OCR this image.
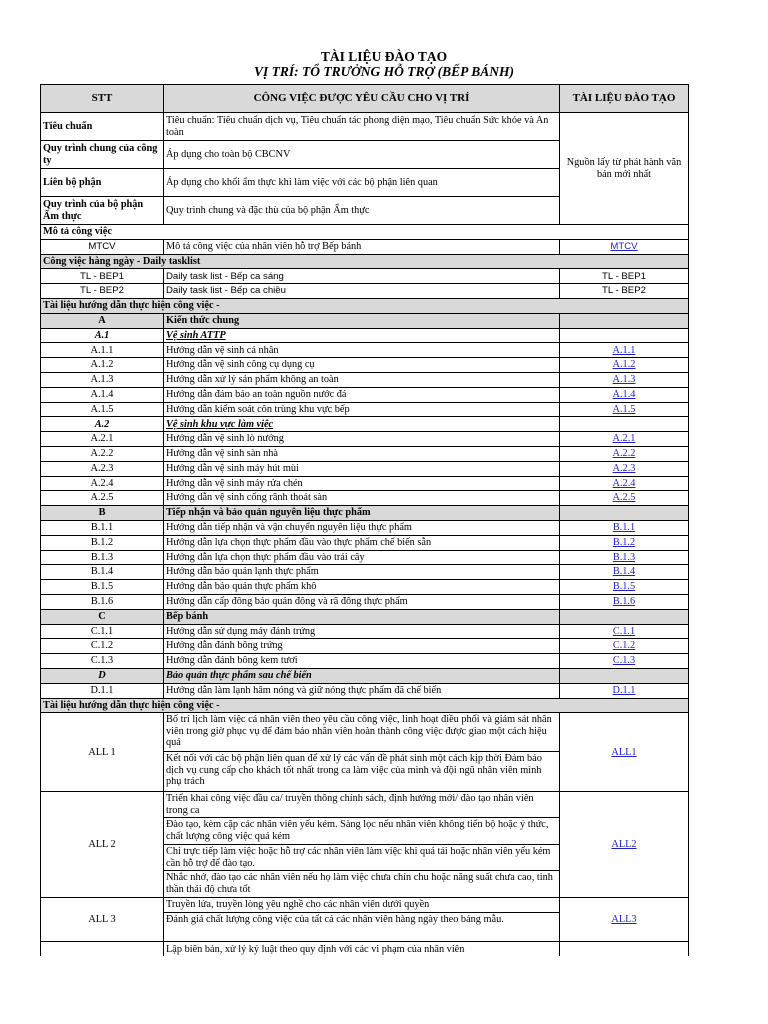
TÀI LIỆU ĐÀO TẠO
VỊ TRÍ: TỔ TRƯỞNG HỖ TRỢ (BẾP BÁNH)
STT	CÔNG VIỆC ĐƯỢC YÊU CẦU CHO VỊ TRÍ	TÀI LIỆU ĐÀO TẠO
Tiêu chuẩn	Tiêu chuẩn: Tiêu chuẩn dịch vụ, Tiêu chuẩn tác phong diện mạo, Tiêu chuẩn Sức khỏe và An toàn	Nguồn lấy từ phát hành văn bản mới nhất
Quy trình chung của công ty	Áp dụng cho toàn bộ CBCNV	
Liên bộ phận	Áp dụng cho khối ẩm thực khi làm việc với các bộ phận liên quan	
Quy trình của bộ phận Ẩm thực	Quy trình chung và đặc thù của bộ phận Ẩm thực	
Mô tả công việc		
MTCV	Mô tả công việc của nhân viên hỗ trợ Bếp bánh	MTCV
Công việc hàng ngày - Daily tasklist		
TL - BEP1	Daily task list - Bếp ca sáng	TL - BEP1
TL - BEP2	Daily task list - Bếp ca chiều	TL - BEP2
Tài liệu hướng dẫn thực hiện công việc -		
A	Kiến thức chung	
A.1	Vệ sinh ATTP	
A.1.1	Hướng dẫn vệ sinh cá nhân	A.1.1
A.1.2	Hướng dẫn vệ sinh công cụ dụng cụ	A.1.2
A.1.3	Hướng dẫn xử lý sản phẩm không an toàn	A.1.3
A.1.4	Hướng dẫn đảm bảo an toàn nguồn nước đá	A.1.4
A.1.5	Hướng dẫn kiểm soát côn trùng khu vực bếp	A.1.5
A.2	Vệ sinh khu vực làm việc	
A.2.1	Hướng dẫn vệ sinh lò nướng	A.2.1
A.2.2	Hướng dẫn vệ sinh sàn nhà	A.2.2
A.2.3	Hướng dẫn vệ sinh máy hút mùi	A.2.3
A.2.4	Hướng dẫn vệ sinh máy rửa chén	A.2.4
A.2.5	Hướng dẫn vệ sinh cống rãnh thoát sàn	A.2.5
B	Tiếp nhận và bảo quản nguyên liệu thực phẩm	
B.1.1	Hướng dẫn tiếp nhận và vận chuyển nguyên liệu thực phẩm	B.1.1
B.1.2	Hướng dẫn lựa chọn thực phẩm đầu vào thực phẩm chế biến sẵn	B.1.2
B.1.3	Hướng dẫn lựa chọn thực phẩm đầu vào trái cây	B.1.3
B.1.4	Hướng dẫn bảo quản lạnh thực phẩm	B.1.4
B.1.5	Hướng dẫn bảo quản thực phẩm khô	B.1.5
B.1.6	Hướng dẫn cấp đông bảo quản đông và rã đông thực phẩm	B.1.6
C	Bếp bánh	
C.1.1	Hướng dẫn sử dụng máy đánh trứng	C.1.1
C.1.2	Hướng dẫn đánh bông trứng	C.1.2
C.1.3	Hướng dẫn đánh bông kem tươi	C.1.3
D	Bảo quản thực phẩm sau chế biến	
D.1.1	Hướng dẫn làm lạnh hâm nóng và giữ nóng thực phẩm đã chế biến	D.1.1
Tài liệu hướng dẫn thực hiện công việc -		
ALL 1	Bố trí lịch làm việc cá nhân viên theo yêu cầu công việc, linh hoạt điều phối và giám sát nhân viên trong giờ phục vụ để đảm bảo nhân viên hoàn thành công việc được giao một cách hiệu quả
Kết nối với các bộ phận liên quan để xử lý các vấn đề phát sinh một cách kịp thời Đảm bảo dịch vụ cung cấp cho khách tốt nhất trong ca làm việc của mình và đội ngũ nhân viên mình phụ trách	ALL1
ALL 2	Triển khai công việc đầu ca/ truyền thông chính sách, định hướng mới/ đào tạo nhân viên trong ca
Đào tạo, kèm cặp các nhân viên yếu kém. Sàng lọc nếu nhân viên không tiến bộ hoặc ý thức, chất lượng công việc quá kém
Chỉ trực tiếp làm việc hoặc hỗ trợ các nhân viên làm việc khi quá tải hoặc nhân viên yếu kém cần hỗ trợ để đào tạo.
Nhắc nhở, đào tạo các nhân viên nếu họ làm việc chưa chỉn chu hoặc năng suất chưa cao, tinh thần thái độ chưa tốt	ALL2
ALL 3	Truyền lửa, truyền lòng yêu nghề cho các nhân viên dưới quyền
Đánh giá chất lượng công việc của tất cả các nhân viên hàng ngày theo bảng mẫu.	ALL3
	Lập biên bản, xử lý kỷ luật theo quy định với các vi phạm của nhân viên	
